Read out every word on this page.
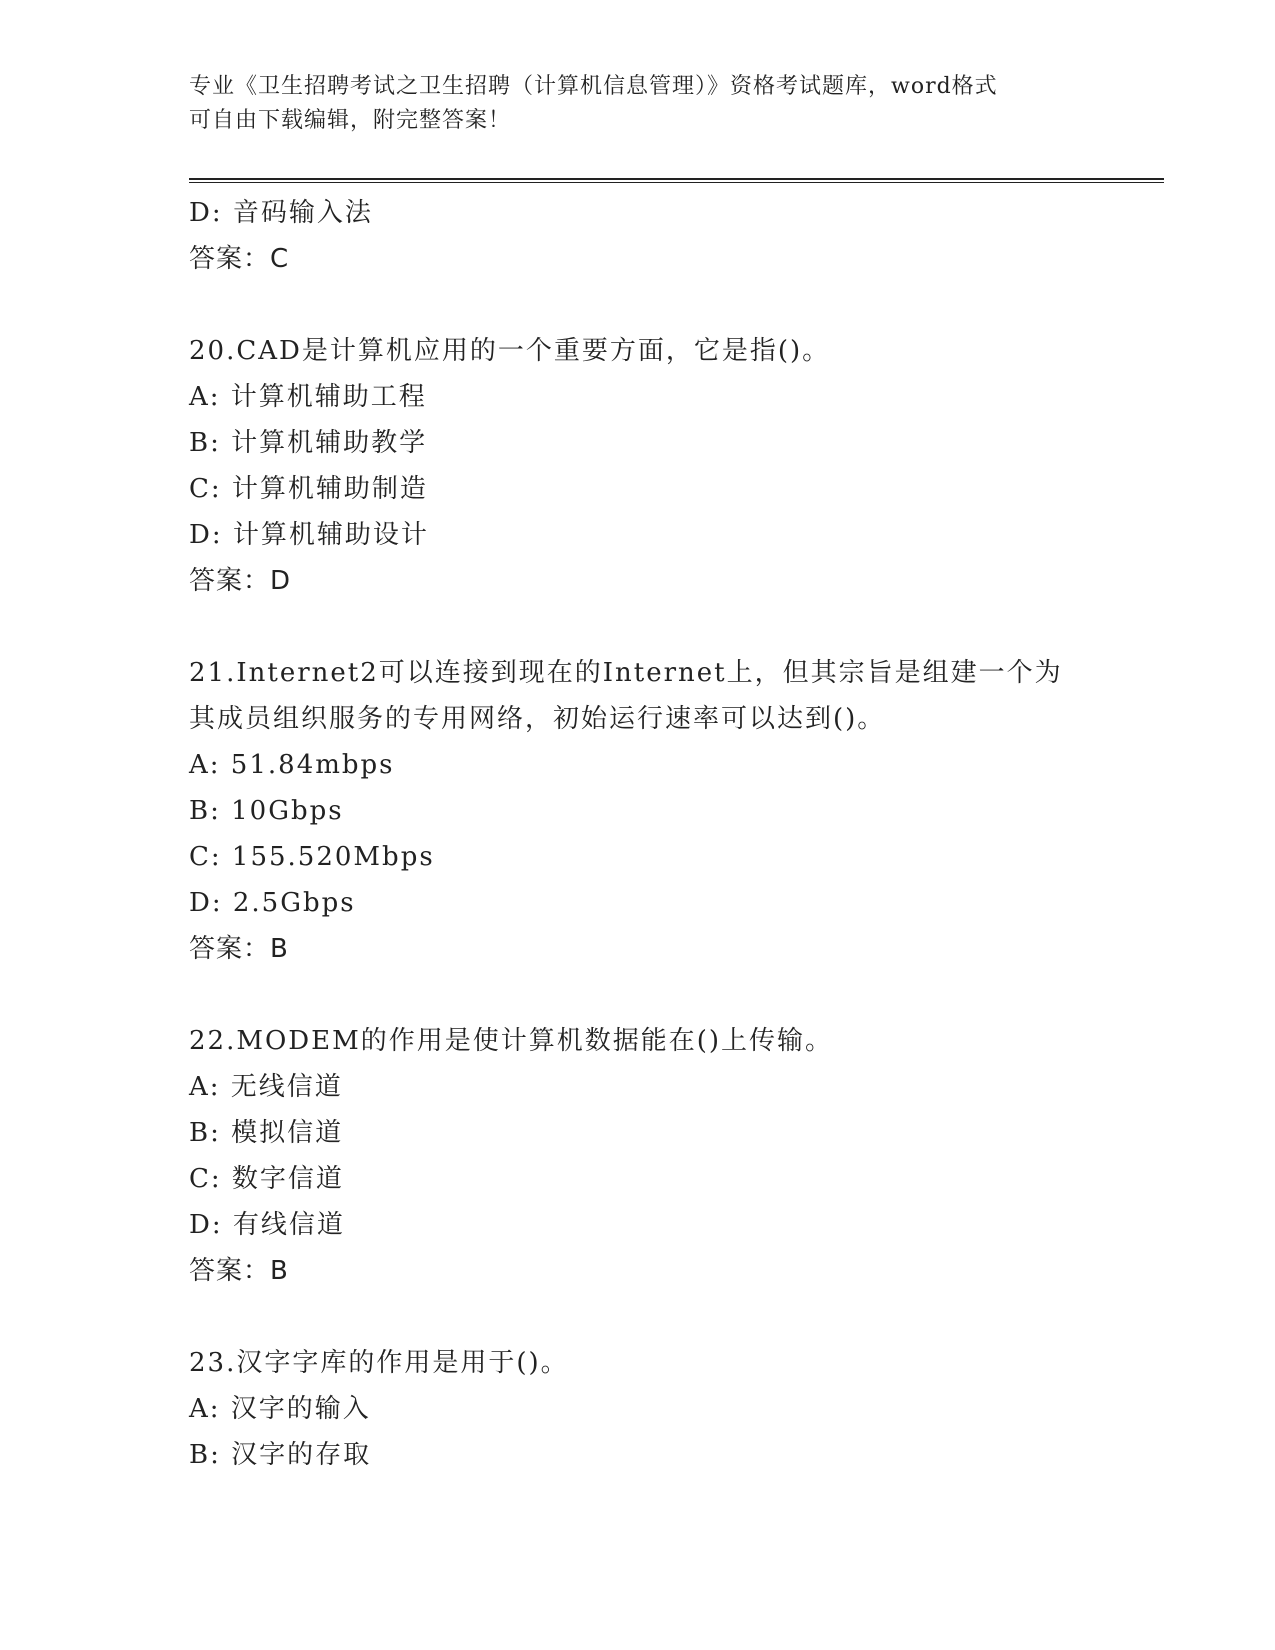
专业《卫生招聘考试之卫生招聘（计算机信息管理）》资格考试题库，word格式
可自由下载编辑，附完整答案！
D: 音码输入法
答案：C
20.CAD是计算机应用的一个重要方面，它是指()。
A: 计算机辅助工程
B: 计算机辅助教学
C: 计算机辅助制造
D: 计算机辅助设计
答案：D
21.Internet2可以连接到现在的Internet上，但其宗旨是组建一个为
其成员组织服务的专用网络，初始运行速率可以达到()。
A: 51.84mbps
B: 10Gbps
C: 155.520Mbps
D: 2.5Gbps
答案：B
22.MODEM的作用是使计算机数据能在()上传输。
A: 无线信道
B: 模拟信道
C: 数字信道
D: 有线信道
答案：B
23.汉字字库的作用是用于()。
A: 汉字的输入
B: 汉字的存取
